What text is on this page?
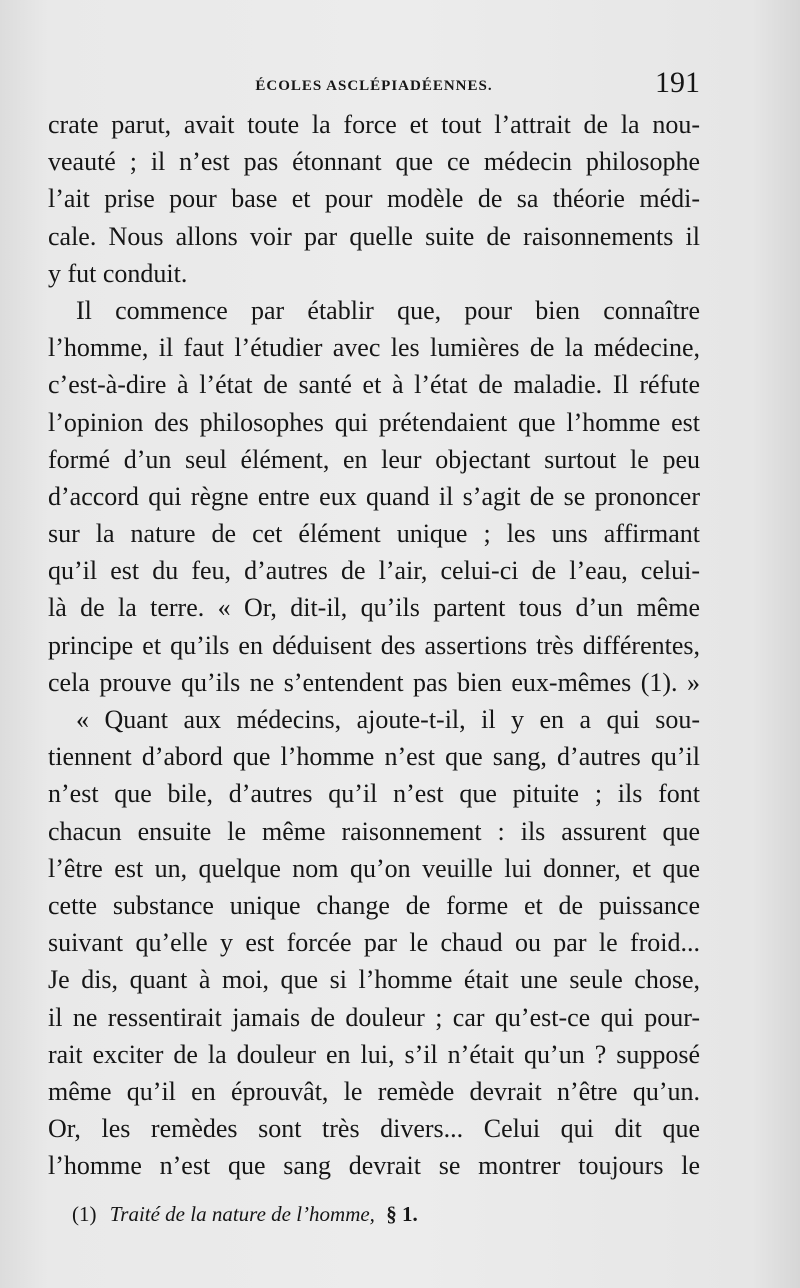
ÉCOLES ASCLÉPIADÉENNES.	191
crate parut, avait toute la force et tout l’attrait de la nou-
veauté ; il n’est pas étonnant que ce médecin philosophe
l’ait prise pour base et pour modèle de sa théorie médi-
cale. Nous allons voir par quelle suite de raisonnements il
y fut conduit.
Il commence par établir que, pour bien connaître
l’homme, il faut l’étudier avec les lumières de la médecine,
c’est-à-dire à l’état de santé et à l’état de maladie. Il réfute
l’opinion des philosophes qui prétendaient que l’homme est
formé d’un seul élément, en leur objectant surtout le peu
d’accord qui règne entre eux quand il s’agit de se prononcer
sur la nature de cet élément unique ; les uns affirmant
qu’il est du feu, d’autres de l’air, celui-ci de l’eau, celui-
là de la terre. « Or, dit-il, qu’ils partent tous d’un même
principe et qu’ils en déduisent des assertions très différentes,
cela prouve qu’ils ne s’entendent pas bien eux-mêmes (1). »
« Quant aux médecins, ajoute-t-il, il y en a qui sou-
tiennent d’abord que l’homme n’est que sang, d’autres qu’il
n’est que bile, d’autres qu’il n’est que pituite ; ils font
chacun ensuite le même raisonnement : ils assurent que
l’être est un, quelque nom qu’on veuille lui donner, et que
cette substance unique change de forme et de puissance
suivant qu’elle y est forcée par le chaud ou par le froid...
Je dis, quant à moi, que si l’homme était une seule chose,
il ne ressentirait jamais de douleur ; car qu’est-ce qui pour-
rait exciter de la douleur en lui, s’il n’était qu’un ? supposé
même qu’il en éprouvât, le remède devrait n’être qu’un.
Or, les remèdes sont très divers... Celui qui dit que
l’homme n’est que sang devrait se montrer toujours le
(1) Traité de la nature de l’homme, § 1.
